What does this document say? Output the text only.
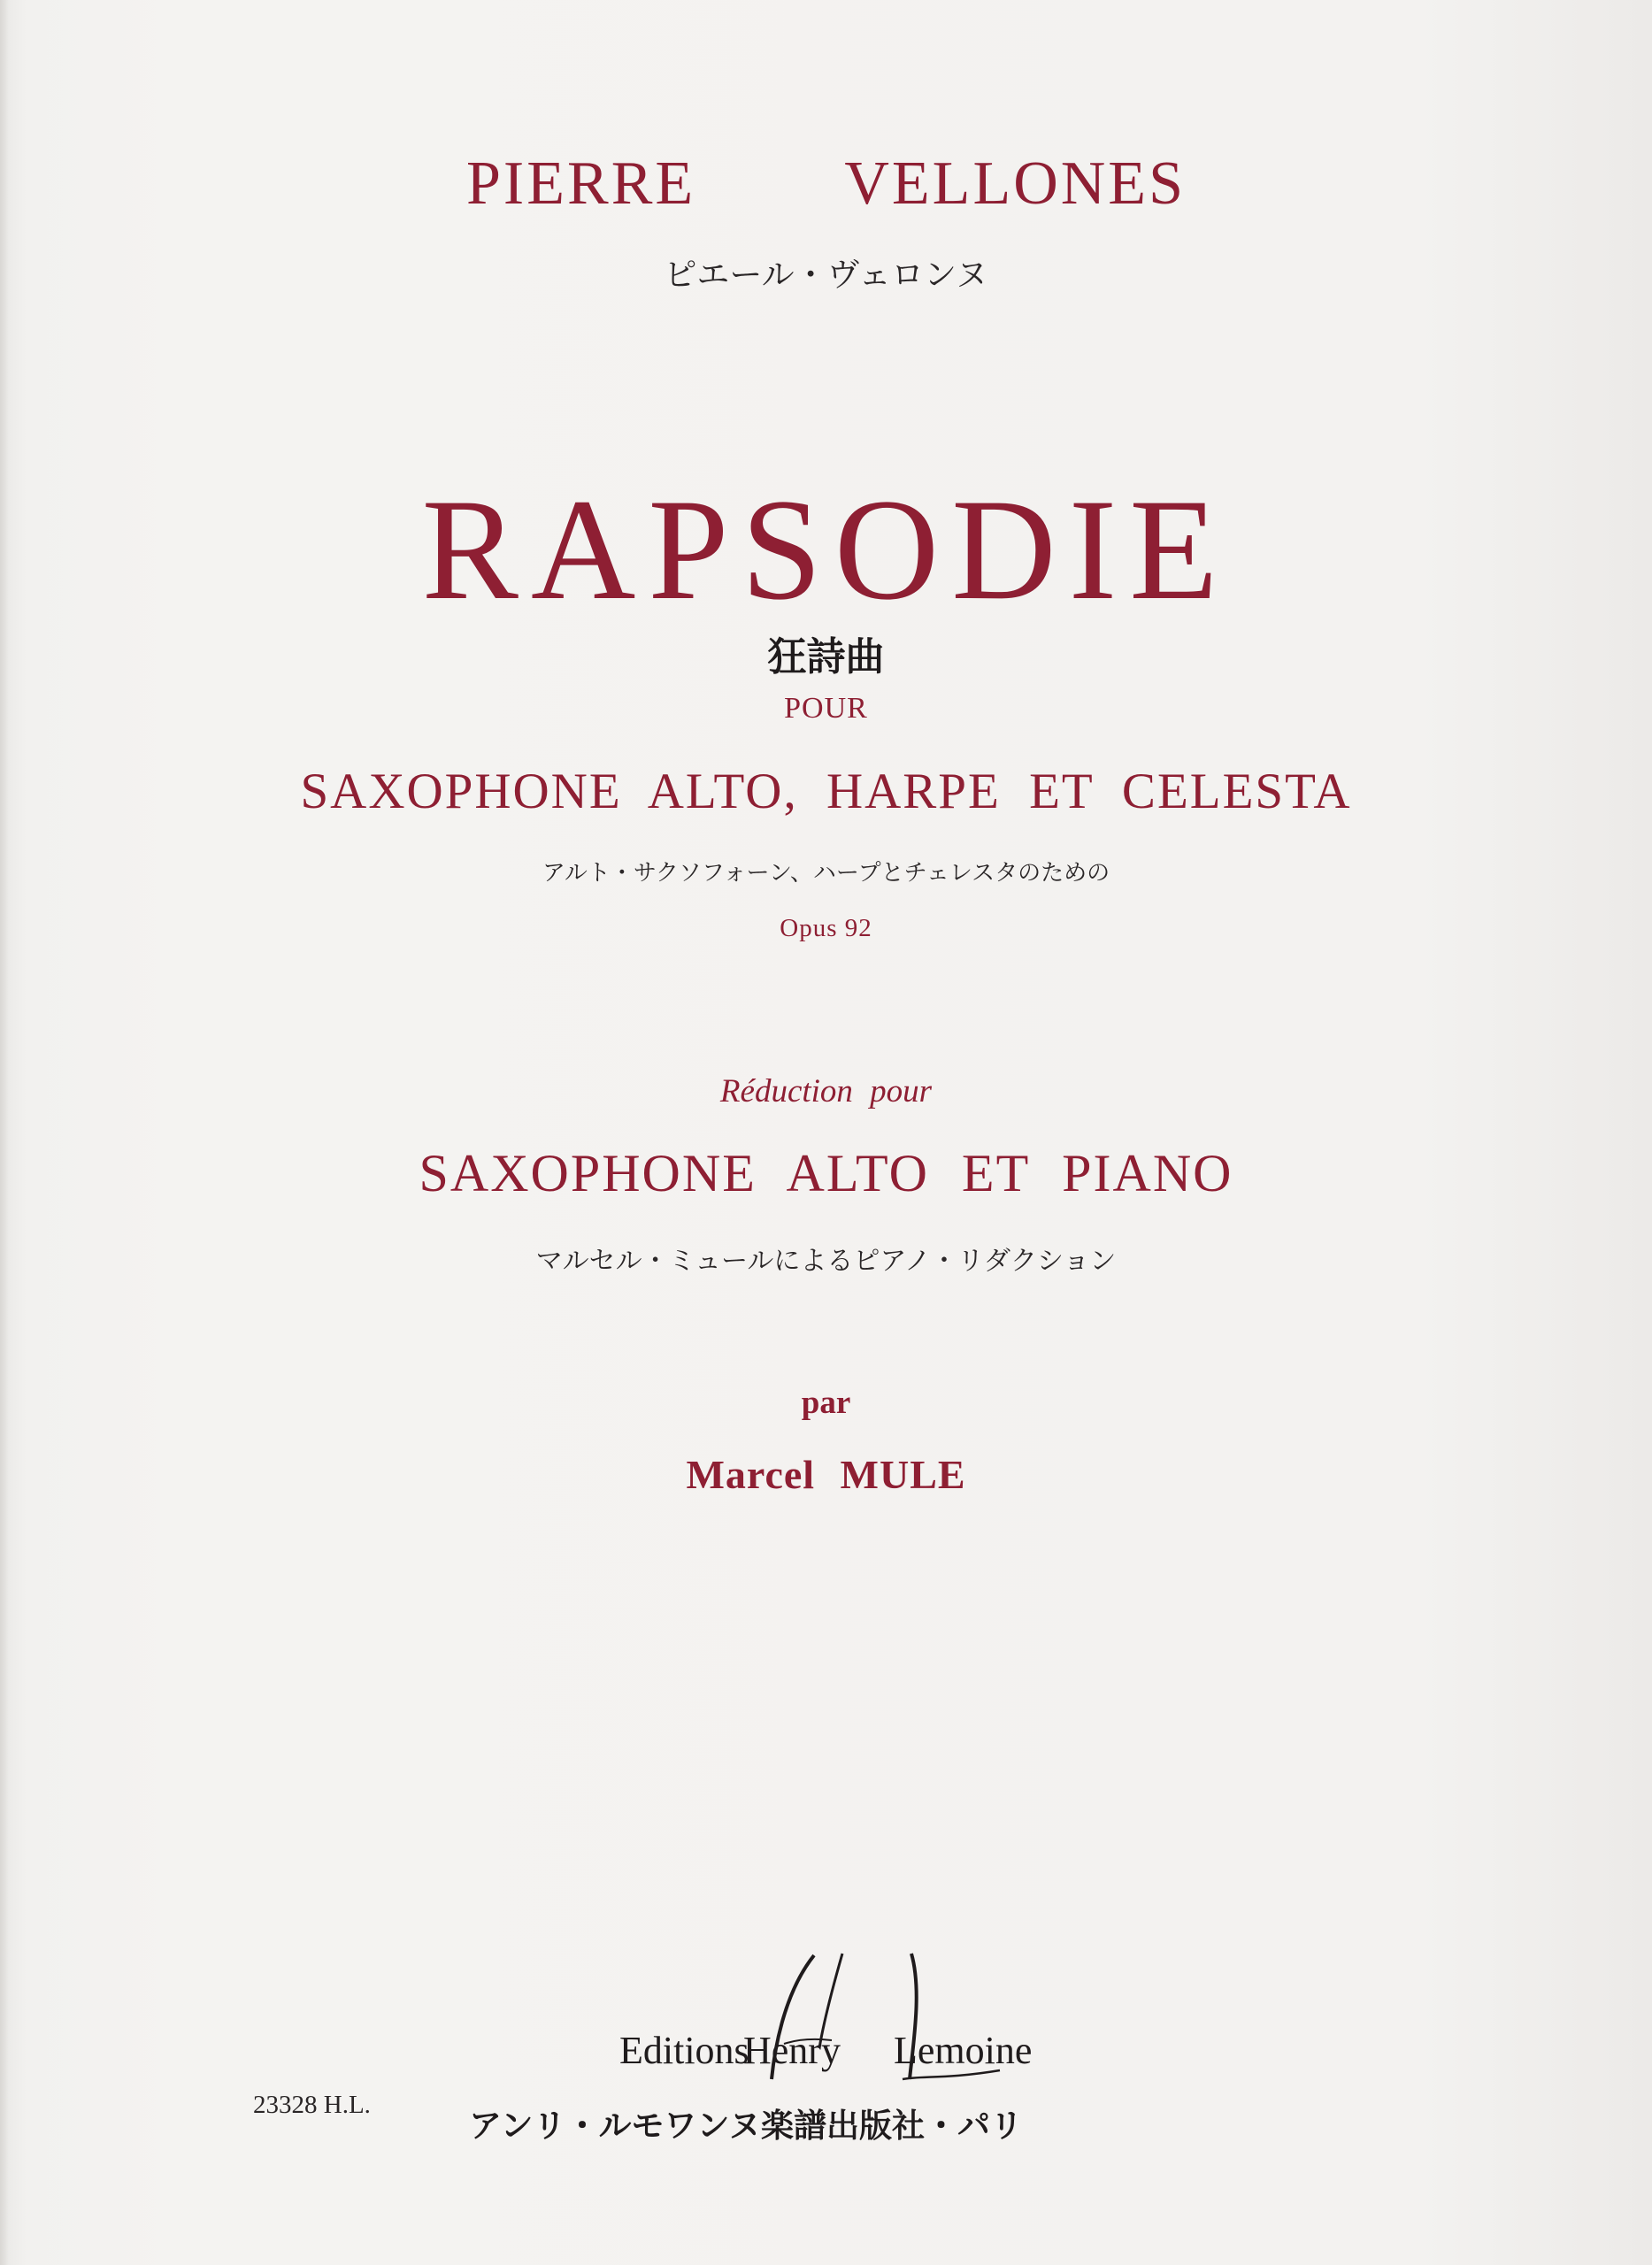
PIERRE   VELLONES
ピエール・ヴェロンヌ
RAPSODIE
狂詩曲
POUR
SAXOPHONE ALTO, HARPE ET CELESTA
アルト・サクソフォーン、ハープとチェレスタのための
Opus 92
Réduction pour
SAXOPHONE ALTO ET PIANO
マルセル・ミュールによるピアノ・リダクション
par
Marcel MULE
23328 H.L.
Editions
Henry Lemoine
アンリ・ルモワンヌ楽譜出版社・パリ
